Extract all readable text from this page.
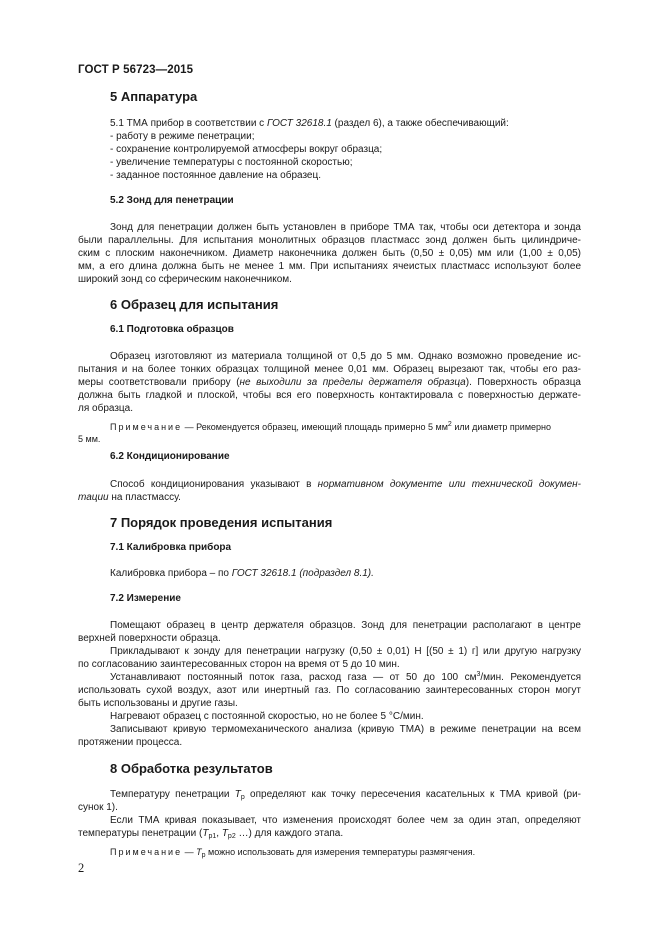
ГОСТ Р 56723—2015
5 Аппаратура
5.1 ТМА прибор в соответствии с ГОСТ 32618.1 (раздел 6), а также обеспечивающий:
- работу в режиме пенетрации;
- сохранение контролируемой атмосферы вокруг образца;
- увеличение температуры с постоянной скоростью;
- заданное постоянное давление на образец.
5.2 Зонд для пенетрации
Зонд для пенетрации должен быть установлен в приборе ТМА так, чтобы оси детектора и зонда
были параллельны. Для испытания монолитных образцов пластмасс зонд должен быть цилиндриче-
ским с плоским наконечником. Диаметр наконечника должен быть (0,50 ± 0,05) мм или (1,00 ± 0,05)
мм, а его длина должна быть не менее 1 мм. При испытаниях ячеистых пластмасс используют более
широкий зонд со сферическим наконечником.
6 Образец для испытания
6.1 Подготовка образцов
Образец изготовляют из материала толщиной от 0,5 до 5 мм. Однако возможно проведение ис-
пытания и на более тонких образцах толщиной менее 0,01 мм. Образец вырезают так, чтобы его раз-
меры соответствовали прибору (не выходили за пределы держателя образца). Поверхность образца
должна быть гладкой и плоской, чтобы вся его поверхность контактировала с поверхностью держате-
ля образца.
Примечание — Рекомендуется образец, имеющий площадь примерно 5 $мм^2$ или диаметр примерно
5 мм.
6.2 Кондиционирование
Способ кондиционирования указывают в нормативном документе или технической докумен-
тации на пластмассу.
7 Порядок проведения испытания
7.1 Калибровка прибора
Калибровка прибора – по ГОСТ 32618.1 (подраздел 8.1).
7.2 Измерение
Помещают образец в центр держателя образцов. Зонд для пенетрации располагают в центре
верхней поверхности образца.
Прикладывают к зонду для пенетрации нагрузку (0,50 ± 0,01) Н [(50 ± 1) г] или другую нагрузку
по согласованию заинтересованных сторон на время от 5 до 10 мин.
Устанавливают постоянный поток газа, расход газа — от 50 до 100 $см^3$/мин. Рекомендуется
использовать сухой воздух, азот или инертный газ. По согласованию заинтересованных сторон могут
быть использованы и другие газы.
Нагревают образец с постоянной скоростью, но не более 5 °С/мин.
Записывают кривую термомеханического анализа (кривую ТМА) в режиме пенетрации на всем
протяжении процесса.
8 Обработка результатов
Температуру пенетрации $T_p$ определяют как точку пересечения касательных к ТМА кривой (ри-
сунок 1).
Если ТМА кривая показывает, что изменения происходят более чем за один этап, определяют
температуры пенетрации ($T_{p1}$, $T_{p2}$ …) для каждого этапа.
Примечание — $T_p$ можно использовать для измерения температуры размягчения.
2
